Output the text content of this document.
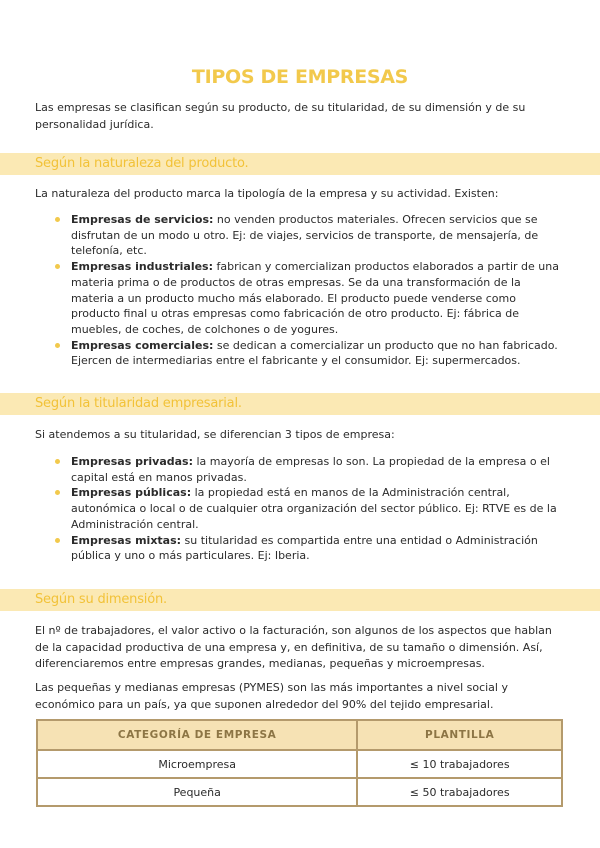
TIPOS DE EMPRESAS

Las empresas se clasifican según su producto, de su titularidad, de su dimensión y de su personalidad jurídica.

Según la naturaleza del producto.

La naturaleza del producto marca la tipología de la empresa y su actividad. Existen:

Empresas de servicios: no venden productos materiales. Ofrecen servicios que se disfrutan de un modo u otro. Ej: de viajes, servicios de transporte, de mensajería, de telefonía, etc.
Empresas industriales: fabrican y comercializan productos elaborados a partir de una materia prima o de productos de otras empresas. Se da una transformación de la materia a un producto mucho más elaborado. El producto puede venderse como producto final u otras empresas como fabricación de otro producto. Ej: fábrica de muebles, de coches, de colchones o de yogures.
Empresas comerciales: se dedican a comercializar un producto que no han fabricado. Ejercen de intermediarias entre el fabricante y el consumidor. Ej: supermercados.
Según la titularidad empresarial.

Si atendemos a su titularidad, se diferencian 3 tipos de empresa:

Empresas privadas: la mayoría de empresas lo son. La propiedad de la empresa o el capital está en manos privadas.
Empresas públicas: la propiedad está en manos de la Administración central, autonómica o local o de cualquier otra organización del sector público. Ej: RTVE es de la Administración central.
Empresas mixtas: su titularidad es compartida entre una entidad o Administración pública y uno o más particulares. Ej: Iberia.
Según su dimensión.

El nº de trabajadores, el valor activo o la facturación, son algunos de los aspectos que hablan de la capacidad productiva de una empresa y, en definitiva, de su tamaño o dimensión. Así, diferenciaremos entre empresas grandes, medianas, pequeñas y microempresas.

Las pequeñas y medianas empresas (PYMES) son las más importantes a nivel social y económico para un país, ya que suponen alrededor del 90% del tejido empresarial.

CATEGORÍA DE EMPRESA	PLANTILLA
Microempresa	≤ 10 trabajadores
Pequeña	≤ 50 trabajadores
